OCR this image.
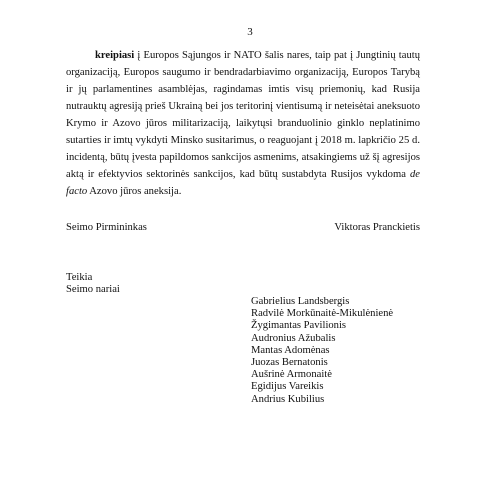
3
kreipiasi į Europos Sąjungos ir NATO šalis nares, taip pat į Jungtinių tautų organizaciją, Europos saugumo ir bendradarbiavimo organizaciją, Europos Tarybą ir jų parlamentines asamblėjas, ragindamas imtis visų priemonių, kad Rusija nutrauktų agresiją prieš Ukrainą bei jos teritorinį vientisumą ir neteisėtai aneksuoto Krymo ir Azovo jūros militarizaciją, laikytųsi branduolinio ginklo neplatinimo sutarties ir imtų vykdyti Minsko susitarimus, o reaguojant į 2018 m. lapkričio 25 d. incidentą, būtų įvesta papildomos sankcijos asmenims, atsakingiems už šį agresijos aktą ir efektyvios sektorinės sankcijos, kad būtų sustabdyta Rusijos vykdoma de facto Azovo jūros aneksija.
Seimo Pirmininkas	Viktoras Pranckietis
Teikia
Seimo nariai
Gabrielius Landsbergis
Radvilė Morkūnaitė-Mikulėnienė
Žygimantas Pavilionis
Audronius Ažubalis
Mantas Adomėnas
Juozas Bernatonis
Aušrinė Armonaitė
Egidijus Vareikis
Andrius Kubilius
